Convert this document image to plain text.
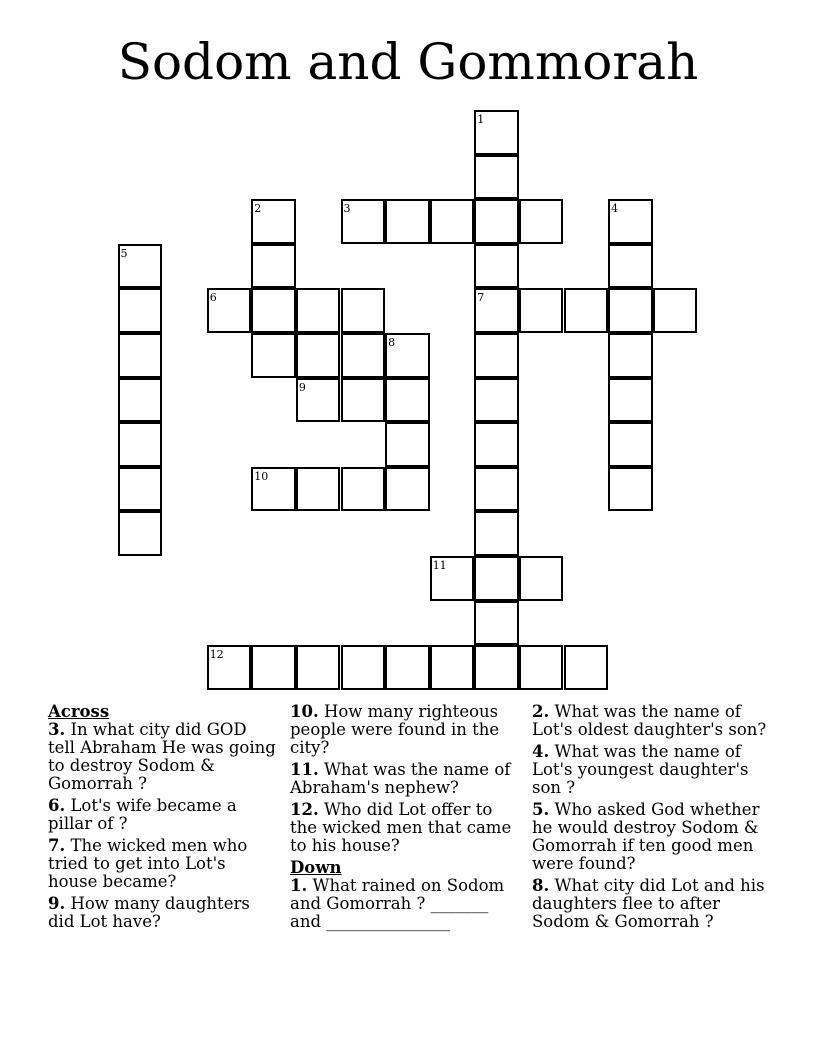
Sodom and Gommorah
1
2	3	4
5
6	7
8
9
10
11
12
Across
3. In what city did GOD tell Abraham He was going to destroy Sodom & Gomorrah ?
6. Lot's wife became a pillar of ?
7. The wicked men who tried to get into Lot's house became?
9. How many daughters did Lot have?
10. How many righteous people were found in the city?
11. What was the name of Abraham's nephew?
12. Who did Lot offer to the wicked men that came to his house?
Down
1. What rained on Sodom and Gomorrah ? _______ and _______________
2. What was the name of Lot's oldest daughter's son?
4. What was the name of Lot's youngest daughter's son ?
5. Who asked God whether he would destroy Sodom & Gomorrah if ten good men were found?
8. What city did Lot and his daughters flee to after Sodom & Gomorrah ?
